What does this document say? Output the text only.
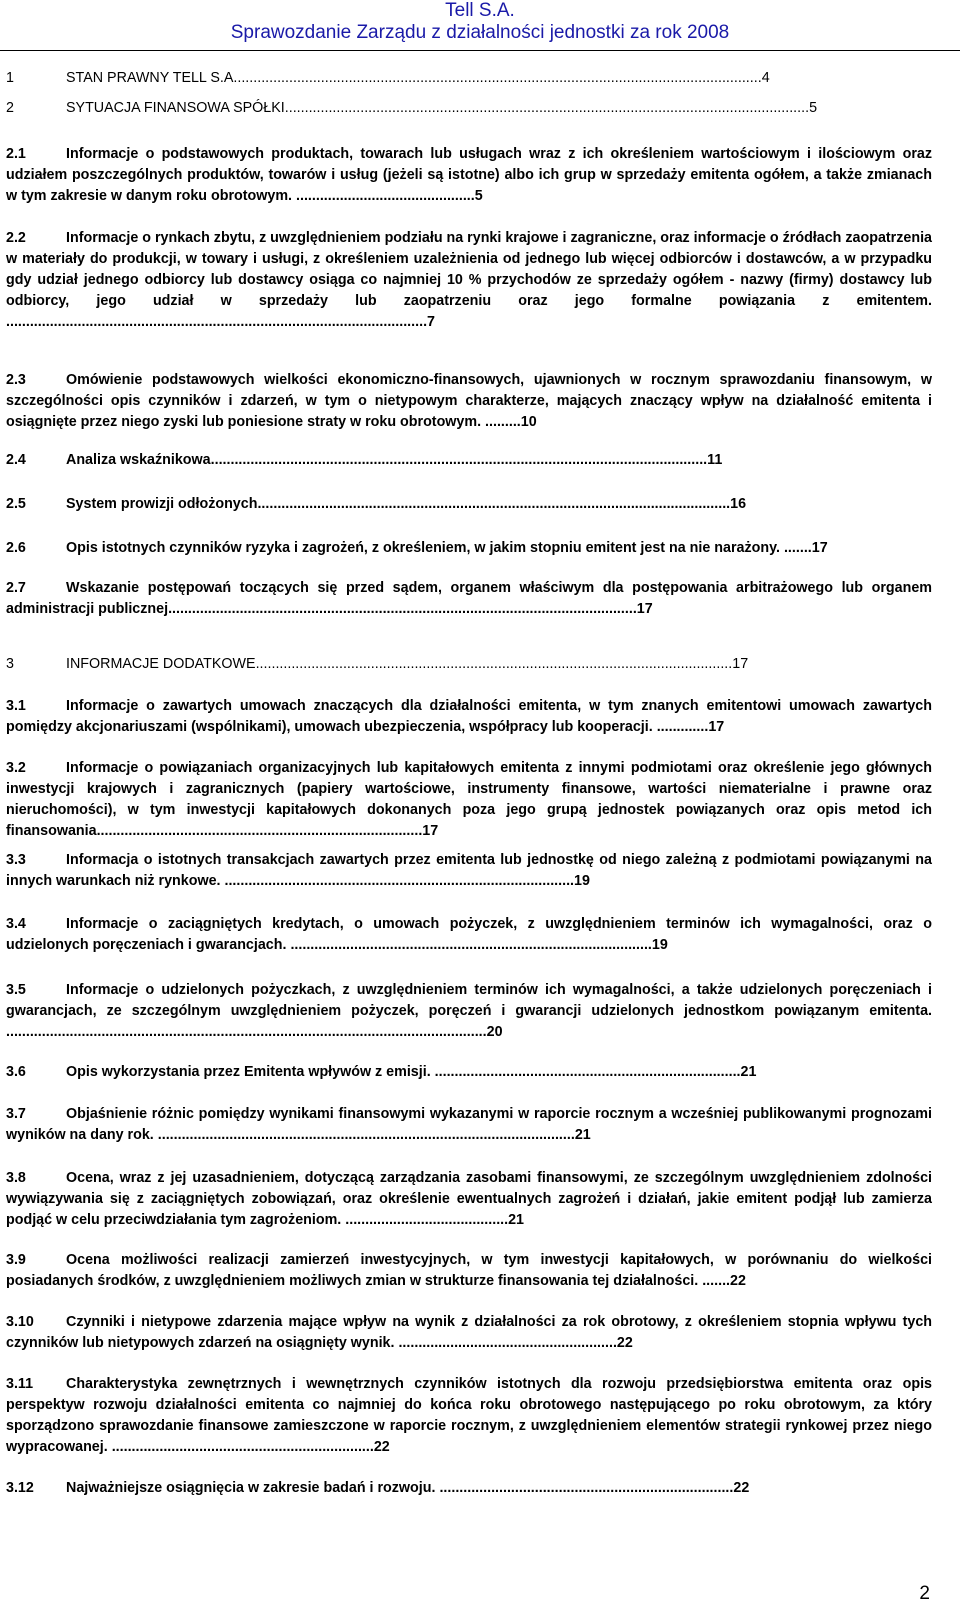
Tell S.A.
Sprawozdanie Zarządu z działalności jednostki za rok 2008
1	STAN PRAWNY TELL S.A.....................................................................................................................................4
2	SYTUACJA FINANSOWA SPÓŁKI....................................................................................................................................5
2.1	Informacje o podstawowych produktach, towarach lub usługach wraz z ich określeniem wartościowym i ilościowym oraz udziałem poszczególnych produktów, towarów i usług (jeżeli są istotne) albo ich grup w sprzedaży emitenta ogółem, a także zmianach w tym zakresie w danym roku obrotowym. .............................................5
2.2	Informacje o rynkach zbytu, z uwzględnieniem podziału na rynki krajowe i zagraniczne, oraz informacje o źródłach zaopatrzenia w materiały do produkcji, w towary i usługi, z określeniem uzależnienia od jednego lub więcej odbiorców i dostawców, a w przypadku gdy udział jednego odbiorcy lub dostawcy osiąga co najmniej 10 % przychodów ze sprzedaży ogółem - nazwy (firmy) dostawcy lub odbiorcy, jego udział w sprzedaży lub zaopatrzeniu oraz jego formalne powiązania z emitentem. ..........................................................................................................7
2.3	Omówienie podstawowych wielkości ekonomiczno-finansowych, ujawnionych w rocznym sprawozdaniu finansowym, w szczególności opis czynników i zdarzeń, w tym o nietypowym charakterze, mających znaczący wpływ na działalność emitenta i osiągnięte przez niego zyski lub poniesione straty w roku obrotowym. .........10
2.4	Analiza wskaźnikowa.............................................................................................................................11
2.5	System prowizji odłożonych.......................................................................................................................16
2.6	Opis istotnych czynników ryzyka i zagrożeń, z określeniem, w jakim stopniu emitent jest na nie narażony. .......17
2.7	Wskazanie postępowań toczących się przed sądem, organem właściwym dla postępowania arbitrażowego lub organem administracji publicznej......................................................................................................................17
3	INFORMACJE DODATKOWE........................................................................................................................17
3.1	Informacje o zawartych umowach znaczących dla działalności emitenta, w tym znanych emitentowi umowach zawartych pomiędzy akcjonariuszami (wspólnikami), umowach ubezpieczenia, współpracy lub kooperacji. .............17
3.2	Informacje o powiązaniach organizacyjnych lub kapitałowych emitenta z innymi podmiotami oraz określenie jego głównych inwestycji krajowych i zagranicznych (papiery wartościowe, instrumenty finansowe, wartości niematerialne i prawne oraz nieruchomości), w tym inwestycji kapitałowych dokonanych poza jego grupą jednostek powiązanych oraz opis metod ich finansowania..................................................................................17
3.3	Informacja o istotnych transakcjach zawartych przez emitenta lub jednostkę od niego zależną z podmiotami powiązanymi na innych warunkach niż rynkowe. ........................................................................................19
3.4	Informacje o zaciągniętych kredytach, o umowach pożyczek, z uwzględnieniem terminów ich wymagalności, oraz o udzielonych poręczeniach i gwarancjach. ...........................................................................................19
3.5	Informacje o udzielonych pożyczkach, z uwzględnieniem terminów ich wymagalności, a także udzielonych poręczeniach i gwarancjach, ze szczególnym uwzględnieniem pożyczek, poręczeń i gwarancji udzielonych jednostkom powiązanym emitenta. .........................................................................................................................20
3.6	Opis wykorzystania przez Emitenta wpływów z emisji. .............................................................................21
3.7	Objaśnienie różnic pomiędzy wynikami finansowymi wykazanymi w raporcie rocznym a wcześniej publikowanymi prognozami wyników na dany rok. .........................................................................................................21
3.8	Ocena, wraz z jej uzasadnieniem, dotyczącą zarządzania zasobami finansowymi, ze szczególnym uwzględnieniem zdolności wywiązywania się z zaciągniętych zobowiązań, oraz określenie ewentualnych zagrożeń i działań, jakie emitent podjął lub zamierza podjąć w celu przeciwdziałania tym zagrożeniom. .........................................21
3.9	Ocena możliwości realizacji zamierzeń inwestycyjnych, w tym inwestycji kapitałowych, w porównaniu do wielkości posiadanych środków, z uwzględnieniem możliwych zmian w strukturze finansowania tej działalności. .......22
3.10	Czynniki i nietypowe zdarzenia mające wpływ na wynik z działalności za rok obrotowy, z określeniem stopnia wpływu tych czynników lub nietypowych zdarzeń na osiągnięty wynik. .......................................................22
3.11	Charakterystyka zewnętrznych i wewnętrznych czynników istotnych dla rozwoju przedsiębiorstwa emitenta oraz opis perspektyw rozwoju działalności emitenta co najmniej do końca roku obrotowego następującego po roku obrotowym, za który sporządzono sprawozdanie finansowe zamieszczone w raporcie rocznym, z uwzględnieniem elementów strategii rynkowej przez niego wypracowanej. ..................................................................22
3.12	Najważniejsze osiągnięcia w zakresie badań i rozwoju. ..........................................................................22
2
